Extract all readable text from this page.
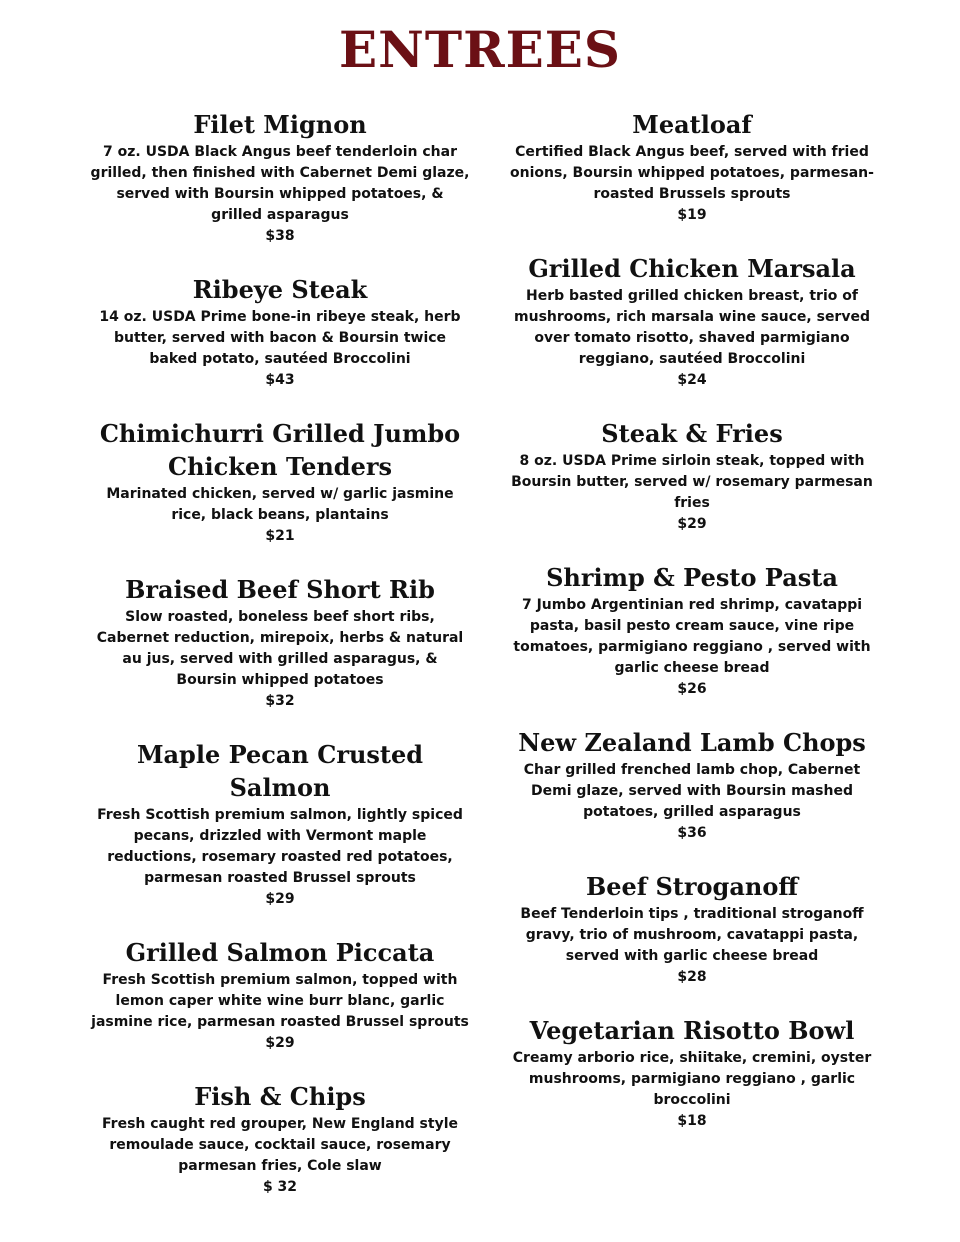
ENTREES
Filet Mignon
7 oz. USDA Black Angus beef tenderloin char grilled, then finished with Cabernet Demi glaze, served with Boursin whipped potatoes, & grilled asparagus
$38
Ribeye Steak
14 oz. USDA Prime bone-in ribeye steak, herb butter, served with bacon & Boursin twice baked potato, sautéed Broccolini
$43
Chimichurri Grilled Jumbo Chicken Tenders
Marinated chicken, served w/ garlic jasmine rice, black beans, plantains
$21
Braised Beef Short Rib
Slow roasted, boneless beef short ribs, Cabernet reduction, mirepoix, herbs & natural au jus, served with grilled asparagus, & Boursin whipped potatoes
$32
Maple Pecan Crusted Salmon
Fresh Scottish premium salmon, lightly spiced pecans, drizzled with Vermont maple reductions, rosemary roasted red potatoes, parmesan roasted Brussel sprouts
$29
Grilled Salmon Piccata
Fresh Scottish premium salmon, topped with lemon caper white wine burr blanc, garlic jasmine rice, parmesan roasted Brussel sprouts
$29
Fish & Chips
Fresh caught red grouper, New England style remoulade sauce, cocktail sauce, rosemary parmesan fries, Cole slaw
$ 32
Meatloaf
Certified Black Angus beef, served with fried onions, Boursin whipped potatoes, parmesan-roasted Brussels sprouts
$19
Grilled Chicken Marsala
Herb basted grilled chicken breast, trio of mushrooms, rich marsala wine sauce, served over tomato risotto, shaved parmigiano reggiano, sautéed Broccolini
$24
Steak & Fries
8 oz. USDA Prime sirloin steak, topped with Boursin butter, served w/ rosemary parmesan fries
$29
Shrimp & Pesto Pasta
7 Jumbo Argentinian red shrimp, cavatappi pasta, basil pesto cream sauce, vine ripe tomatoes, parmigiano reggiano , served with garlic cheese bread
$26
New Zealand Lamb Chops
Char grilled frenched lamb chop, Cabernet Demi glaze, served with Boursin mashed potatoes, grilled asparagus
$36
Beef Stroganoff
Beef Tenderloin tips , traditional stroganoff gravy, trio of mushroom, cavatappi pasta, served with garlic cheese bread
$28
Vegetarian Risotto Bowl
Creamy arborio rice, shiitake, cremini, oyster mushrooms, parmigiano reggiano , garlic broccolini
$18
